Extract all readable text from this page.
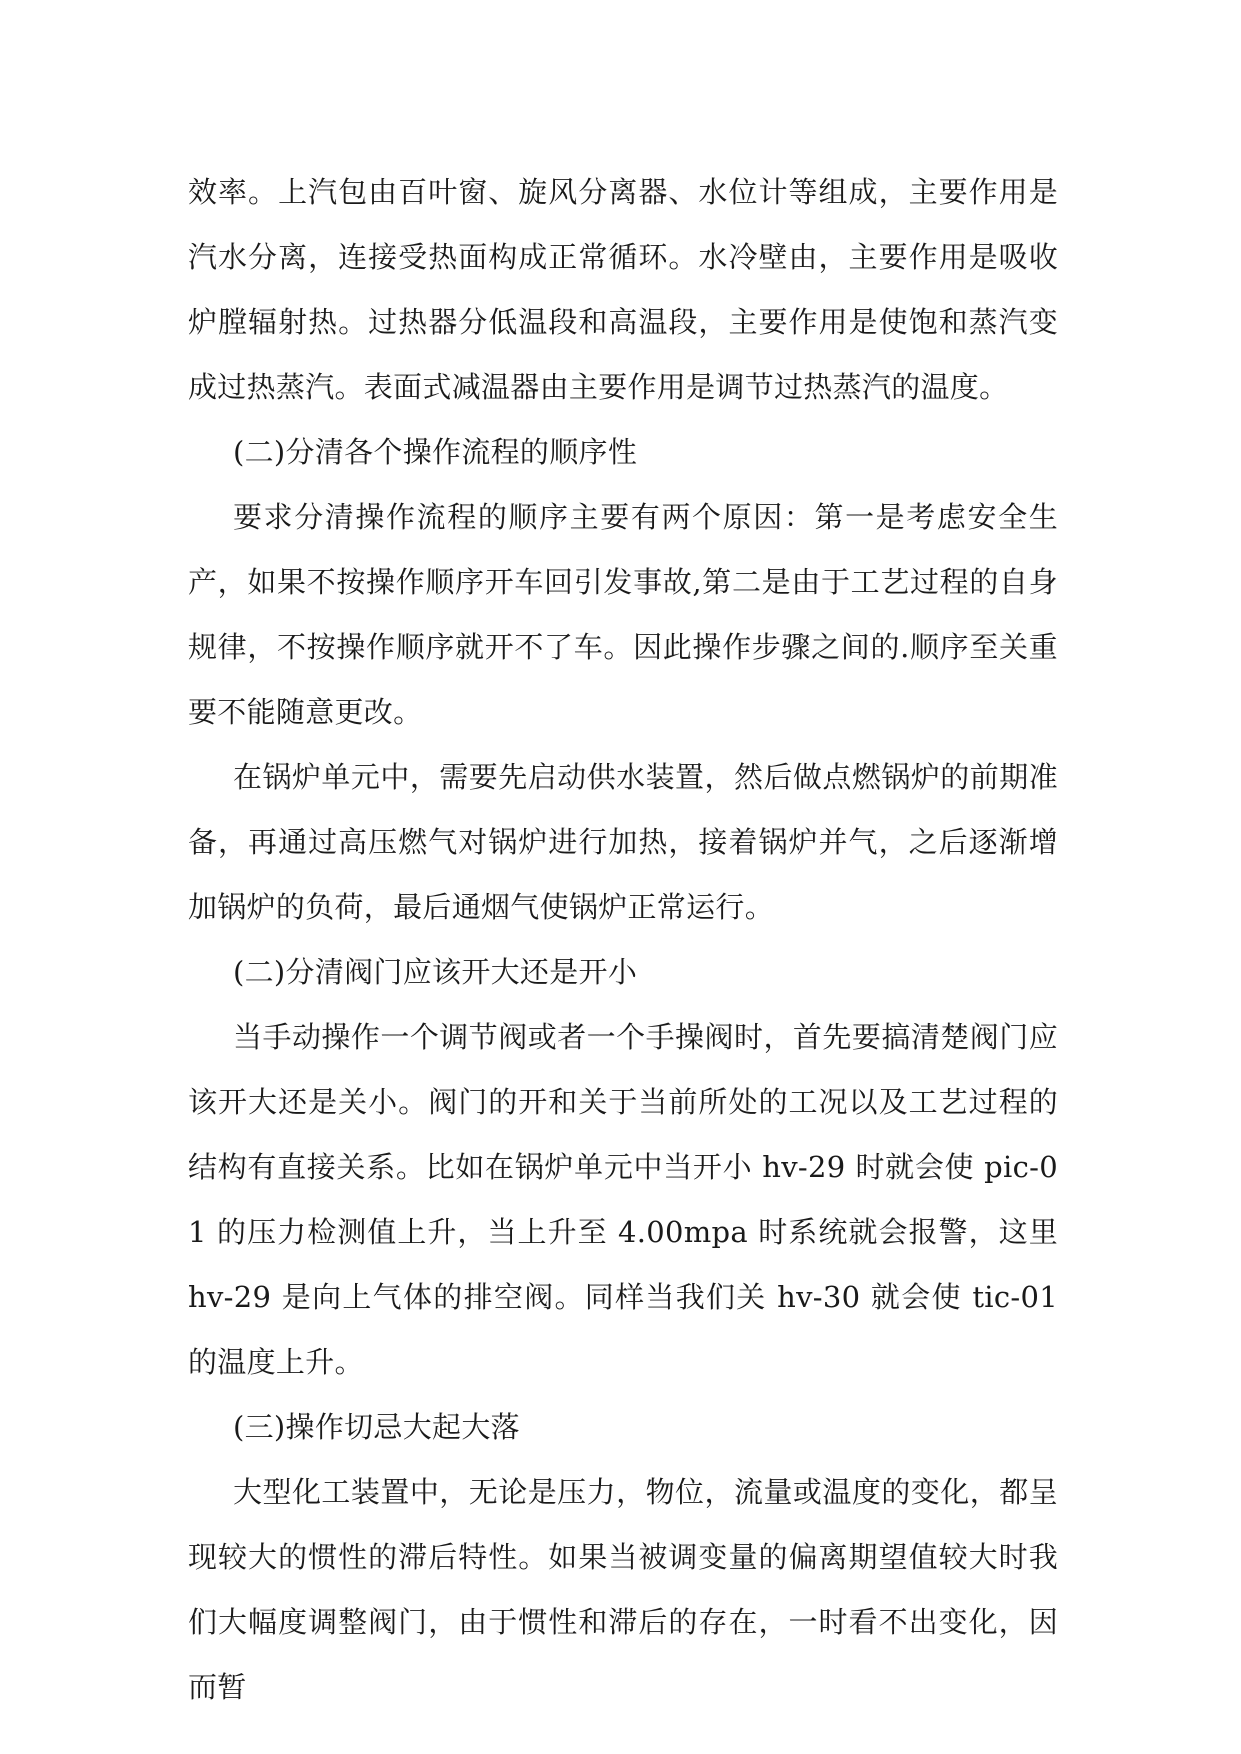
效率。上汽包由百叶窗、旋风分离器、水位计等组成，主要作用是汽水分离，连接受热面构成正常循环。水冷壁由，主要作用是吸收炉膛辐射热。过热器分低温段和高温段，主要作用是使饱和蒸汽变成过热蒸汽。表面式减温器由主要作用是调节过热蒸汽的温度。

(二)分清各个操作流程的顺序性

要求分清操作流程的顺序主要有两个原因：第一是考虑安全生产，如果不按操作顺序开车回引发事故,第二是由于工艺过程的自身规律，不按操作顺序就开不了车。因此操作步骤之间的.顺序至关重要不能随意更改。

在锅炉单元中，需要先启动供水装置，然后做点燃锅炉的前期准备，再通过高压燃气对锅炉进行加热，接着锅炉并气，之后逐渐增加锅炉的负荷，最后通烟气使锅炉正常运行。

(二)分清阀门应该开大还是开小

当手动操作一个调节阀或者一个手操阀时，首先要搞清楚阀门应该开大还是关小。阀门的开和关于当前所处的工况以及工艺过程的结构有直接关系。比如在锅炉单元中当开小 hv-29 时就会使 pic-01 的压力检测值上升，当上升至 4.00mpa 时系统就会报警，这里 hv-29 是向上气体的排空阀。同样当我们关 hv-30 就会使 tic-01 的温度上升。

(三)操作切忌大起大落

大型化工装置中，无论是压力，物位，流量或温度的变化，都呈现较大的惯性的滞后特性。如果当被调变量的偏离期望值较大时我们大幅度调整阀门，由于惯性和滞后的存在，一时看不出变化，因而暂
